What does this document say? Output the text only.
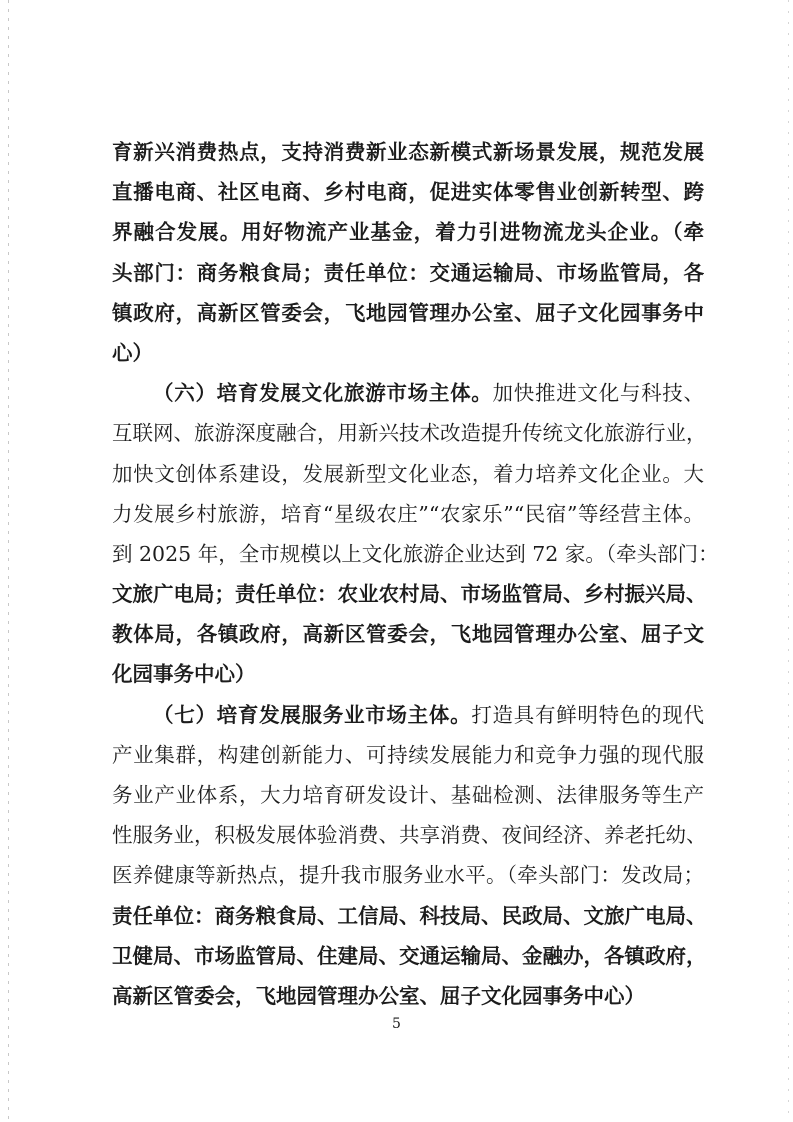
育新兴消费热点，支持消费新业态新模式新场景发展，规范发展
直播电商、社区电商、乡村电商，促进实体零售业创新转型、跨
界融合发展。用好物流产业基金，着力引进物流龙头企业。（牵
头部门：商务粮食局；责任单位：交通运输局、市场监管局，各
镇政府，高新区管委会，飞地园管理办公室、屈子文化园事务中
心）
（六）培育发展文化旅游市场主体。加快推进文化与科技、
互联网、旅游深度融合，用新兴技术改造提升传统文化旅游行业，
加快文创体系建设，发展新型文化业态，着力培养文化企业。大
力发展乡村旅游，培育“星级农庄”“农家乐”“民宿”等经营主体。
到 2025 年，全市规模以上文化旅游企业达到 72 家。（牵头部门：
文旅广电局；责任单位：农业农村局、市场监管局、乡村振兴局、
教体局，各镇政府，高新区管委会，飞地园管理办公室、屈子文
化园事务中心）
（七）培育发展服务业市场主体。打造具有鲜明特色的现代
产业集群，构建创新能力、可持续发展能力和竞争力强的现代服
务业产业体系，大力培育研发设计、基础检测、法律服务等生产
性服务业，积极发展体验消费、共享消费、夜间经济、养老托幼、
医养健康等新热点，提升我市服务业水平。（牵头部门：发改局；
责任单位：商务粮食局、工信局、科技局、民政局、文旅广电局、
卫健局、市场监管局、住建局、交通运输局、金融办，各镇政府，
高新区管委会，飞地园管理办公室、屈子文化园事务中心）
5
